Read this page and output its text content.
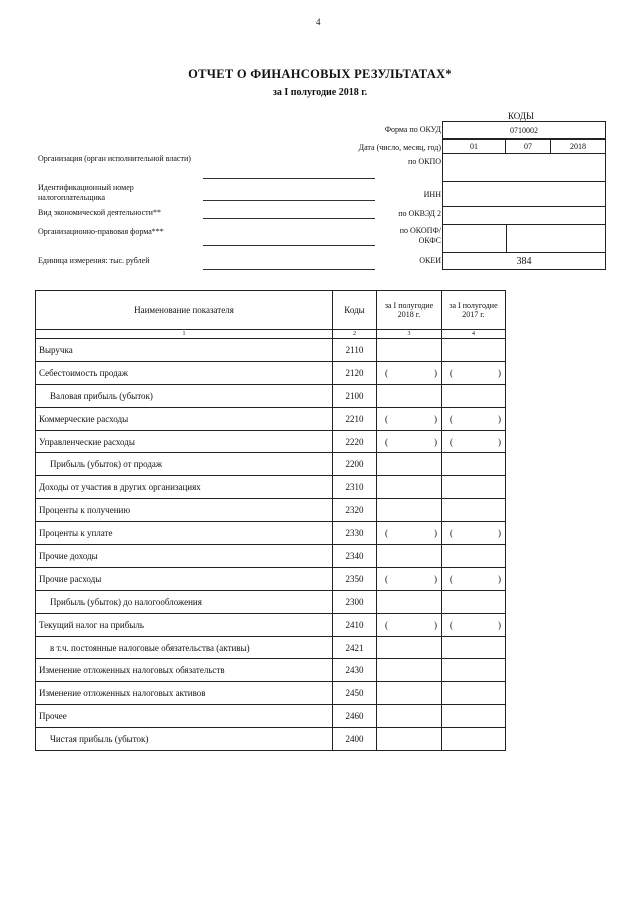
4
ОТЧЕТ О ФИНАНСОВЫХ РЕЗУЛЬТАТАХ*
за I полугодие 2018 г.
КОДЫ
Форма по ОКУД	0710002
Дата (число, месяц, год)	01	07	2018
Организация (орган исполнительной власти)	по ОКПО
Идентификационный номер налогоплательщика	ИНН
Вид экономической деятельности**	по ОКВЭД 2
Организационно-правовая форма***	по ОКОПФ/
ОКФС
Единица измерения: тыс. рублей	ОКЕИ	384
Наименование показателя	Коды	за I полугодие 2018 г.	за I полугодие 2017 г.
1	2	3	4
Выручка	2110		
Себестоимость продаж	2120	( )	( )

Валовая прибыль (убыток)	2100		
Коммерческие расходы	2210	( )	( )

Управленческие расходы	2220	( )	( )

Прибыль (убыток) от продаж	2200		
Доходы от участия в других организациях	2310		
Проценты к получению	2320		
Проценты к уплате	2330	( )	( )

Прочие доходы	2340		
Прочие расходы	2350	( )	( )

Прибыль (убыток) до налогообложения	2300		
Текущий налог на прибыль	2410	( )	( )

в т.ч. постоянные налоговые обязательства (активы)	2421		
Изменение отложенных налоговых обязательств	2430		
Изменение отложенных налоговых активов	2450		
Прочее	2460		
Чистая прибыль (убыток)	2400		
